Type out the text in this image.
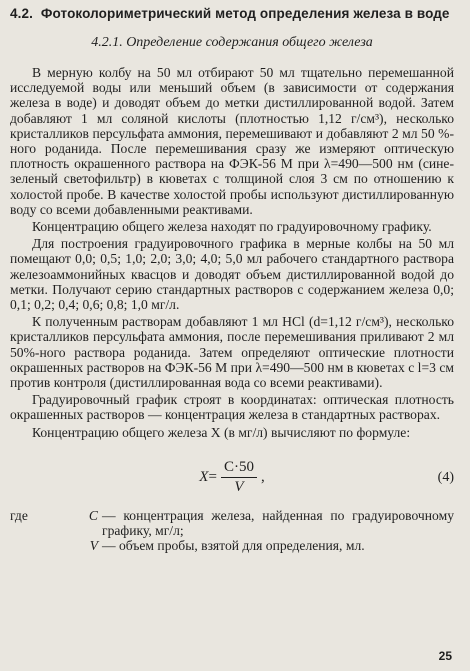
4.2. Фотоколориметрический метод определения железа в воде
4.2.1. Определение содержания общего железа

В мерную колбу на 50 мл отбирают 50 мл тщательно перемешанной исследуемой воды или меньший объем (в зависимости от содержания железа в воде) и доводят объем до метки дистиллированной водой. Затем добавляют 1 мл соляной кислоты (плотностью 1,12 г/см³), несколько кристалликов персульфата аммония, перемешивают и добавляют 2 мл 50 %-ного роданида. После перемешивания сразу же измеряют оптическую плотность окрашенного раствора на ФЭК-56 М при λ=490—500 нм (сине-зеленый светофильтр) в кюветах с толщиной слоя 3 см по отношению к холостой пробе. В качестве холостой пробы используют дистиллированную воду со всеми добавленными реактивами.

Концентрацию общего железа находят по градуировочному графику.

Для построения градуировочного графика в мерные колбы на 50 мл помещают 0,0; 0,5; 1,0; 2,0; 3,0; 4,0; 5,0 мл рабочего стандартного раствора железоаммонийных квасцов и доводят объем дистиллированной водой до метки. Получают серию стандартных растворов с содержанием железа 0,0; 0,1; 0,2; 0,4; 0,6; 0,8; 1,0 мг/л.

К полученным растворам добавляют 1 мл HCl (d=1,12 г/см³), несколько кристалликов персульфата аммония, после перемешивания приливают 2 мл 50%-ного раствора роданида. Затем определяют оптические плотности окрашенных растворов на ФЭК-56 М при λ=490—500 нм в кюветах с l=3 см против контроля (дистиллированная вода со всеми реактивами).

Градуировочный график строят в координатах: оптическая плотность окрашенных растворов — концентрация железа в стандартных растворах.

Концентрацию общего железа X (в мг/л) вычисляют по формуле:

$X = \frac{C\cdot 50}{V}$ ,	(4)
где	C — концентрация железа, найденная по градуировочному графику, мг/л;
V — объем пробы, взятой для определения, мл.
25
